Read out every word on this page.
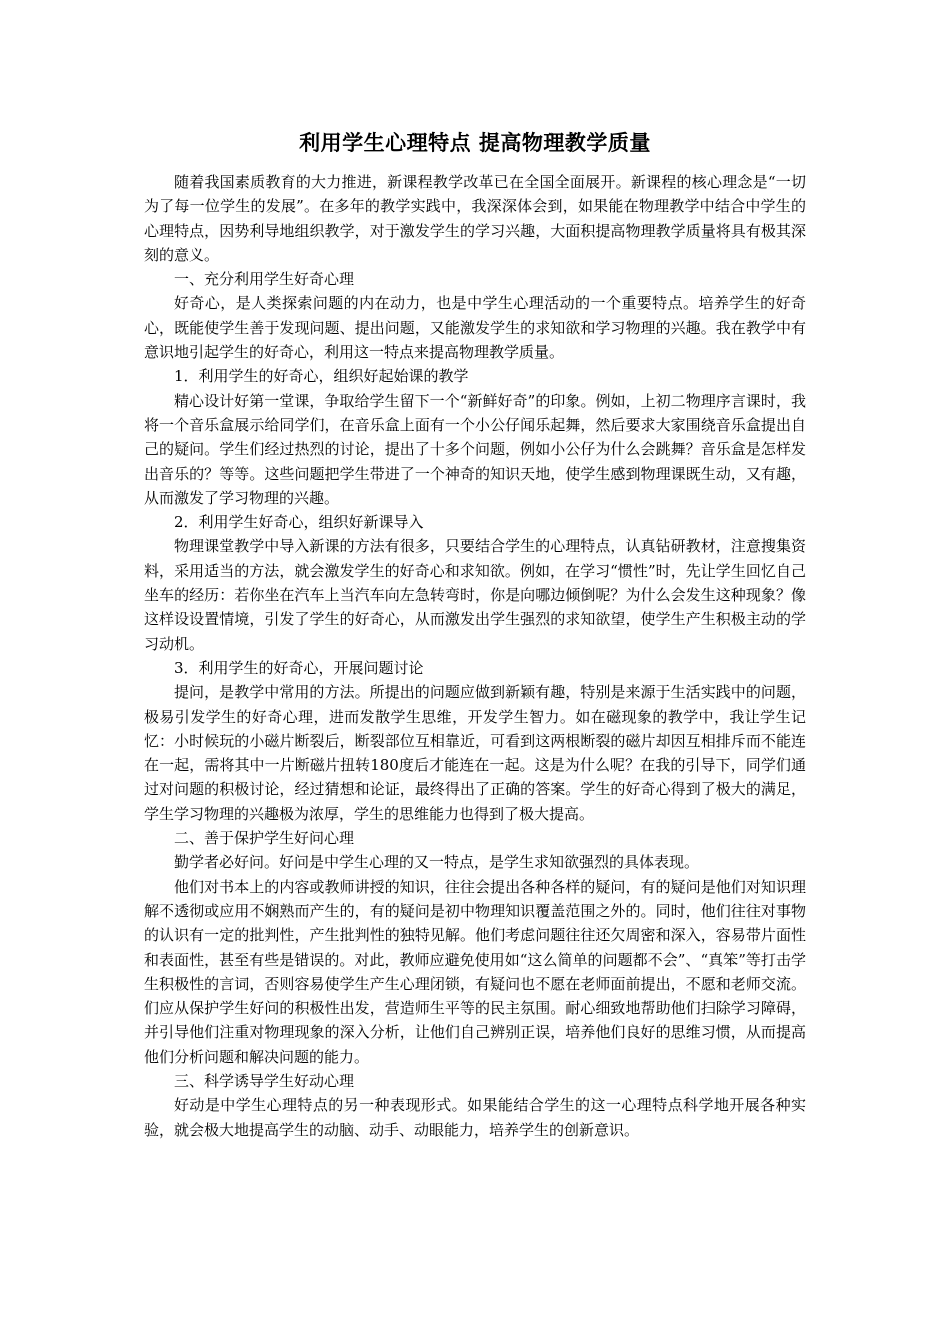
利用学生心理特点 提高物理教学质量

随着我国素质教育的大力推进，新课程教学改革已在全国全面展开。新课程的核心理念是“一切为了每一位学生的发展”。在多年的教学实践中，我深深体会到，如果能在物理教学中结合中学生的心理特点，因势利导地组织教学，对于激发学生的学习兴趣，大面积提高物理教学质量将具有极其深刻的意义。

一、充分利用学生好奇心理

好奇心，是人类探索问题的内在动力，也是中学生心理活动的一个重要特点。培养学生的好奇心，既能使学生善于发现问题、提出问题，又能激发学生的求知欲和学习物理的兴趣。我在教学中有意识地引起学生的好奇心，利用这一特点来提高物理教学质量。

1．利用学生的好奇心，组织好起始课的教学

精心设计好第一堂课，争取给学生留下一个“新鲜好奇”的印象。例如，上初二物理序言课时，我将一个音乐盒展示给同学们，在音乐盒上面有一个小公仔闻乐起舞，然后要求大家围绕音乐盒提出自己的疑问。学生们经过热烈的讨论，提出了十多个问题，例如小公仔为什么会跳舞？音乐盒是怎样发出音乐的？等等。这些问题把学生带进了一个神奇的知识天地，使学生感到物理课既生动，又有趣，从而激发了学习物理的兴趣。

2．利用学生好奇心，组织好新课导入

物理课堂教学中导入新课的方法有很多，只要结合学生的心理特点，认真钻研教材，注意搜集资料，采用适当的方法，就会激发学生的好奇心和求知欲。例如，在学习“惯性”时，先让学生回忆自己坐车的经历：若你坐在汽车上当汽车向左急转弯时，你是向哪边倾倒呢？为什么会发生这种现象？像这样设设置情境，引发了学生的好奇心，从而激发出学生强烈的求知欲望，使学生产生积极主动的学习动机。

3．利用学生的好奇心，开展问题讨论

提问，是教学中常用的方法。所提出的问题应做到新颖有趣，特别是来源于生活实践中的问题，极易引发学生的好奇心理，进而发散学生思维，开发学生智力。如在磁现象的教学中，我让学生记忆：小时候玩的小磁片断裂后，断裂部位互相靠近，可看到这两根断裂的磁片却因互相排斥而不能连在一起，需将其中一片断磁片扭转180度后才能连在一起。这是为什么呢？在我的引导下，同学们通过对问题的积极讨论，经过猜想和论证，最终得出了正确的答案。学生的好奇心得到了极大的满足，学生学习物理的兴趣极为浓厚，学生的思维能力也得到了极大提高。

二、善于保护学生好问心理

勤学者必好问。好问是中学生心理的又一特点，是学生求知欲强烈的具体表现。

他们对书本上的内容或教师讲授的知识，往往会提出各种各样的疑问，有的疑问是他们对知识理解不透彻或应用不娴熟而产生的，有的疑问是初中物理知识覆盖范围之外的。同时，他们往往对事物的认识有一定的批判性，产生批判性的独特见解。他们考虑问题往往还欠周密和深入，容易带片面性和表面性，甚至有些是错误的。对此，教师应避免使用如“这么简单的问题都不会”、“真笨”等打击学生积极性的言词，否则容易使学生产生心理闭锁，有疑问也不愿在老师面前提出，不愿和老师交流。们应从保护学生好问的积极性出发，营造师生平等的民主氛围。耐心细致地帮助他们扫除学习障碍，并引导他们注重对物理现象的深入分析，让他们自己辨别正误，培养他们良好的思维习惯，从而提高他们分析问题和解决问题的能力。

三、科学诱导学生好动心理

好动是中学生心理特点的另一种表现形式。如果能结合学生的这一心理特点科学地开展各种实验，就会极大地提高学生的动脑、动手、动眼能力，培养学生的创新意识。
